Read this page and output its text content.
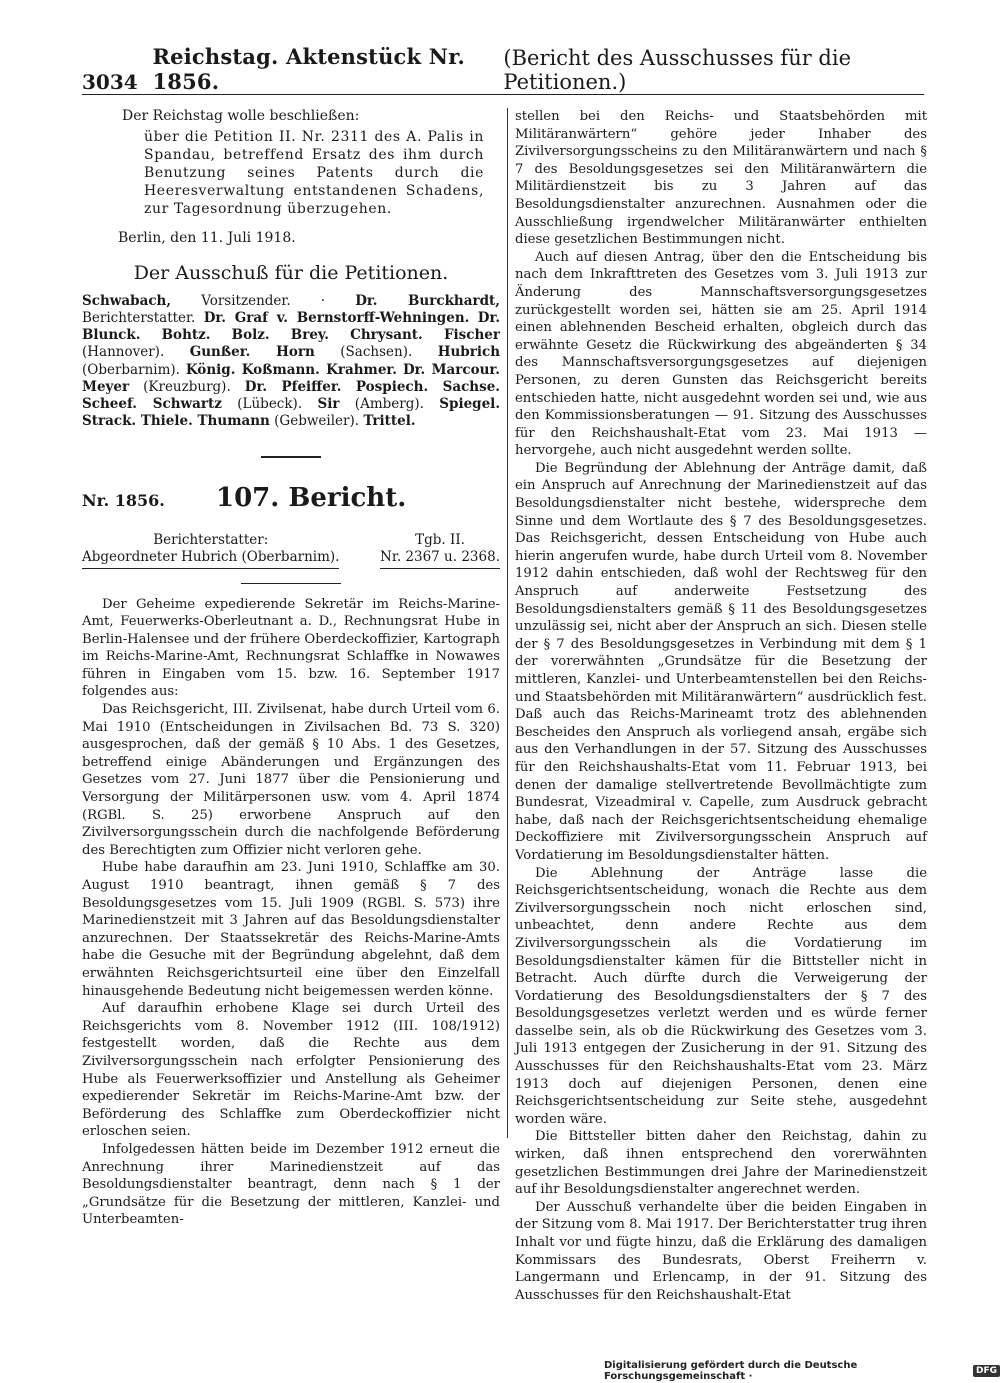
3034
Reichstag. Aktenstück Nr. 1856.
(Bericht des Ausschusses für die Petitionen.)

Der Reichstag wolle beschließen:

über die Petition II. Nr. 2311 des A. Palis in Spandau, betreffend Ersatz des ihm durch Benutzung seines Patents durch die Heeresverwaltung entstandenen Schadens, zur Tagesordnung überzugehen.

Berlin, den 11. Juli 1918.

Der Ausschuß für die Petitionen.
Schwabach, Vorsitzender. · Dr. Burckhardt, Berichterstatter. Dr. Graf v. Bernstorff-Wehningen. Dr. Blunck. Bohtz. Bolz. Brey. Chrysant. Fischer (Hannover). Gunßer. Horn (Sachsen). Hubrich (Oberbarnim). König. Koßmann. Krahmer. Dr. Marcour. Meyer (Kreuzburg). Dr. Pfeiffer. Pospiech. Sachse. Scheef. Schwartz (Lübeck). Sir (Amberg). Spiegel. Strack. Thiele. Thumann (Gebweiler). Trittel.
Nr. 1856.	107. Bericht.
Berichterstatter:
Abgeordneter Hubrich (Oberbarnim).
Tgb. II.
Nr. 2367 u. 2368.

Der Geheime expedierende Sekretär im Reichs-Marine-Amt, Feuerwerks-Oberleutnant a. D., Rechnungsrat Hube in Berlin-Halensee und der frühere Oberdeckoffizier, Kartograph im Reichs-Marine-Amt, Rechnungsrat Schlaffke in Nowawes führen in Eingaben vom 15. bzw. 16. September 1917 folgendes aus:

Das Reichsgericht, III. Zivilsenat, habe durch Urteil vom 6. Mai 1910 (Entscheidungen in Zivilsachen Bd. 73 S. 320) ausgesprochen, daß der gemäß § 10 Abs. 1 des Gesetzes, betreffend einige Abänderungen und Ergänzungen des Gesetzes vom 27. Juni 1877 über die Pensionierung und Versorgung der Militärpersonen usw. vom 4. April 1874 (RGBl. S. 25) erworbene Anspruch auf den Zivilversorgungsschein durch die nachfolgende Beförderung des Berechtigten zum Offizier nicht verloren gehe.

Hube habe daraufhin am 23. Juni 1910, Schlaffke am 30. August 1910 beantragt, ihnen gemäß § 7 des Besoldungsgesetzes vom 15. Juli 1909 (RGBl. S. 573) ihre Marinedienstzeit mit 3 Jahren auf das Besoldungsdienstalter anzurechnen. Der Staatssekretär des Reichs-Marine-Amts habe die Gesuche mit der Begründung abgelehnt, daß dem erwähnten Reichsgerichtsurteil eine über den Einzelfall hinausgehende Bedeutung nicht beigemessen werden könne.

Auf daraufhin erhobene Klage sei durch Urteil des Reichsgerichts vom 8. November 1912 (III. 108/1912) festgestellt worden, daß die Rechte aus dem Zivilversorgungsschein nach erfolgter Pensionierung des Hube als Feuerwerksoffizier und Anstellung als Geheimer expedierender Sekretär im Reichs-Marine-Amt bzw. der Beförderung des Schlaffke zum Oberdeckoffizier nicht erloschen seien.

Infolgedessen hätten beide im Dezember 1912 erneut die Anrechnung ihrer Marinedienstzeit auf das Besoldungsdienstalter beantragt, denn nach § 1 der „Grundsätze für die Besetzung der mittleren, Kanzlei- und Unterbeamten-

stellen bei den Reichs- und Staatsbehörden mit Militäranwärtern“ gehöre jeder Inhaber des Zivilversorgungsscheins zu den Militäranwärtern und nach § 7 des Besoldungsgesetzes sei den Militäranwärtern die Militärdienstzeit bis zu 3 Jahren auf das Besoldungsdienstalter anzurechnen. Ausnahmen oder die Ausschließung irgendwelcher Militäranwärter enthielten diese gesetzlichen Bestimmungen nicht.

Auch auf diesen Antrag, über den die Entscheidung bis nach dem Inkrafttreten des Gesetzes vom 3. Juli 1913 zur Änderung des Mannschaftsversorgungsgesetzes zurückgestellt worden sei, hätten sie am 25. April 1914 einen ablehnenden Bescheid erhalten, obgleich durch das erwähnte Gesetz die Rückwirkung des abgeänderten § 34 des Mannschaftsversorgungsgesetzes auf diejenigen Personen, zu deren Gunsten das Reichsgericht bereits entschieden hatte, nicht ausgedehnt worden sei und, wie aus den Kommissionsberatungen — 91. Sitzung des Ausschusses für den Reichshaushalt-Etat vom 23. Mai 1913 — hervorgehe, auch nicht ausgedehnt werden sollte.

Die Begründung der Ablehnung der Anträge damit, daß ein Anspruch auf Anrechnung der Marinedienstzeit auf das Besoldungsdienstalter nicht bestehe, widerspreche dem Sinne und dem Wortlaute des § 7 des Besoldungsgesetzes. Das Reichsgericht, dessen Entscheidung von Hube auch hierin angerufen wurde, habe durch Urteil vom 8. November 1912 dahin entschieden, daß wohl der Rechtsweg für den Anspruch auf anderweite Festsetzung des Besoldungsdienstalters gemäß § 11 des Besoldungsgesetzes unzulässig sei, nicht aber der Anspruch an sich. Diesen stelle der § 7 des Besoldungsgesetzes in Verbindung mit dem § 1 der vorerwähnten „Grundsätze für die Besetzung der mittleren, Kanzlei- und Unterbeamtenstellen bei den Reichs- und Staatsbehörden mit Militäranwärtern“ ausdrücklich fest. Daß auch das Reichs-Marineamt trotz des ablehnenden Bescheides den Anspruch als vorliegend ansah, ergäbe sich aus den Verhandlungen in der 57. Sitzung des Ausschusses für den Reichshaushalts-Etat vom 11. Februar 1913, bei denen der damalige stellvertretende Bevollmächtigte zum Bundesrat, Vizeadmiral v. Capelle, zum Ausdruck gebracht habe, daß nach der Reichsgerichtsentscheidung ehemalige Deckoffiziere mit Zivilversorgungsschein Anspruch auf Vordatierung im Besoldungsdienstalter hätten.

Die Ablehnung der Anträge lasse die Reichsgerichtsentscheidung, wonach die Rechte aus dem Zivilversorgungsschein noch nicht erloschen sind, unbeachtet, denn andere Rechte aus dem Zivilversorgungsschein als die Vordatierung im Besoldungsdienstalter kämen für die Bittsteller nicht in Betracht. Auch dürfte durch die Verweigerung der Vordatierung des Besoldungsdienstalters der § 7 des Besoldungsgesetzes verletzt werden und es würde ferner dasselbe sein, als ob die Rückwirkung des Gesetzes vom 3. Juli 1913 entgegen der Zusicherung in der 91. Sitzung des Ausschusses für den Reichshaushalts-Etat vom 23. März 1913 doch auf diejenigen Personen, denen eine Reichsgerichtsentscheidung zur Seite stehe, ausgedehnt worden wäre.

Die Bittsteller bitten daher den Reichstag, dahin zu wirken, daß ihnen entsprechend den vorerwähnten gesetzlichen Bestimmungen drei Jahre der Marinedienstzeit auf ihr Besoldungsdienstalter angerechnet werden.

Der Ausschuß verhandelte über die beiden Eingaben in der Sitzung vom 8. Mai 1917. Der Berichterstatter trug ihren Inhalt vor und fügte hinzu, daß die Erklärung des damaligen Kommissars des Bundesrats, Oberst Freiherrn v. Langermann und Erlencamp, in der 91. Sitzung des Ausschusses für den Reichshaushalt-Etat

Digitalisierung gefördert durch die Deutsche Forschungsgemeinschaft ·	DFG
